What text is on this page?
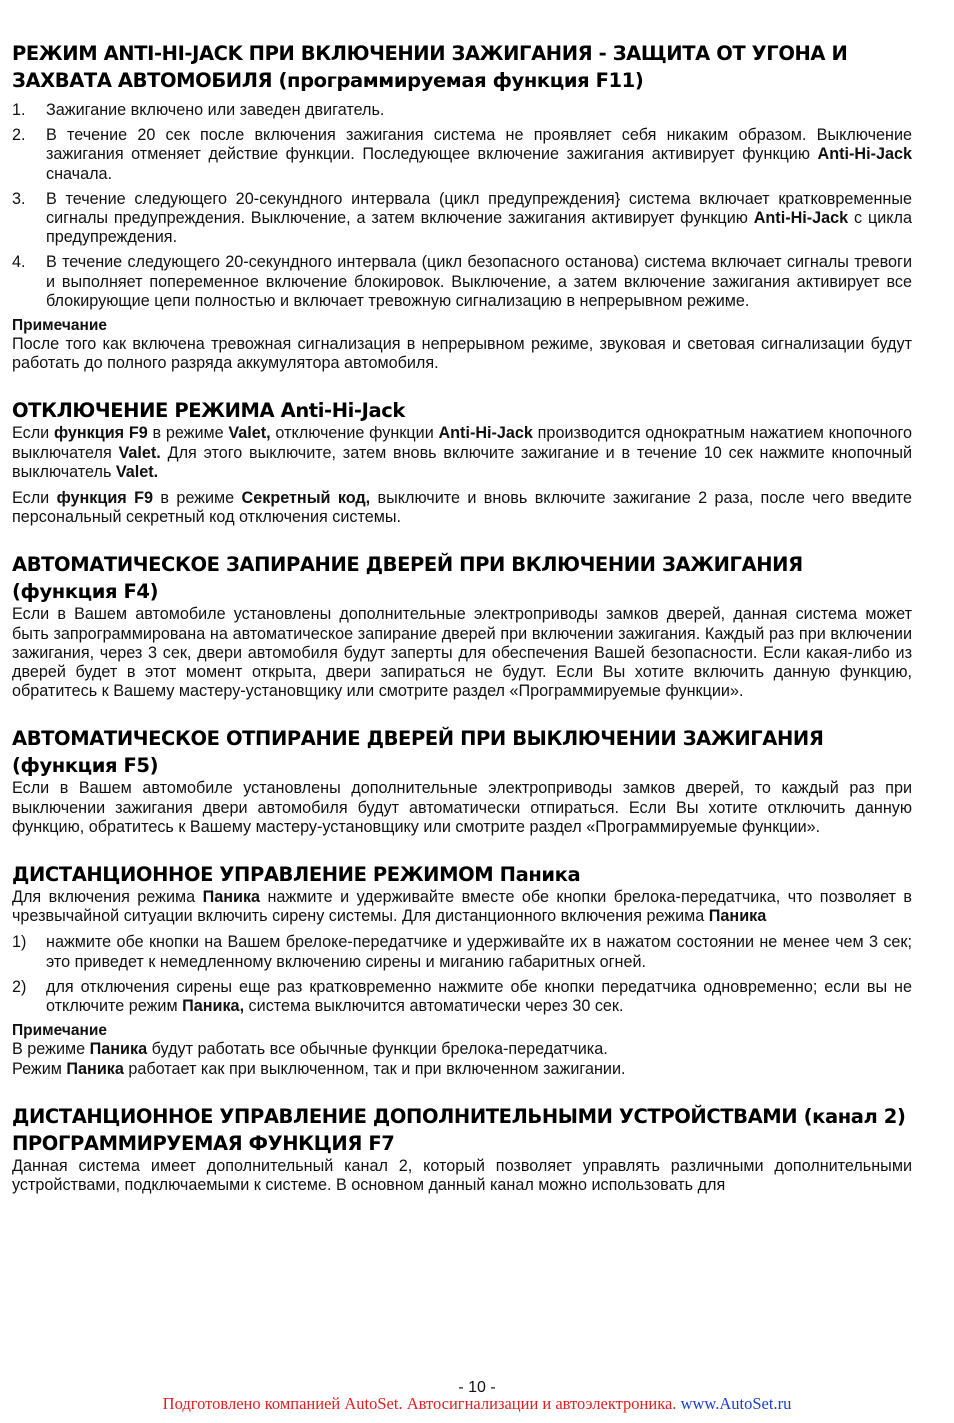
РЕЖИМ ANTI-HI-JACK ПРИ ВКЛЮЧЕНИИ ЗАЖИГАНИЯ - ЗАЩИТА ОТ УГОНА И ЗАХВАТА АВТОМОБИЛЯ (программируемая функция F11)
1. Зажигание включено или заведен двигатель.
2. В течение 20 сек после включения зажигания система не проявляет себя никаким образом. Выключение зажигания отменяет действие функции. Последующее включение зажигания активирует функцию Anti-Hi-Jack сначала.
3. В течение следующего 20-секундного интервала (цикл предупреждения} система включает кратковременные сигналы предупреждения. Выключение, а затем включение зажигания активирует функцию Anti-Hi-Jack с цикла предупреждения.
4. В течение следующего 20-секундного интервала (цикл безопасного останова) система включает сигналы тревоги и выполняет попеременное включение блокировок. Выключение, а затем включение зажигания активирует все блокирующие цепи полностью и включает тревожную сигнализацию в непрерывном режиме.
Примечание

После того как включена тревожная сигнализация в непрерывном режиме, звуковая и световая сигнализации будут работать до полного разряда аккумулятора автомобиля.

ОТКЛЮЧЕНИЕ РЕЖИМА Anti-Hi-Jack

Если функция F9 в режиме Valet, отключение функции Anti-Hi-Jack производится однократным нажатием кнопочного выключателя Valet. Для этого выключите, затем вновь включите зажигание и в течение 10 сек нажмите кнопочный выключатель Valet.

Если функция F9 в режиме Секретный код, выключите и вновь включите зажигание 2 раза, после чего введите персональный секретный код отключения системы.

АВТОМАТИЧЕСКОЕ ЗАПИРАНИЕ ДВЕРЕЙ ПРИ ВКЛЮЧЕНИИ ЗАЖИГАНИЯ (функция F4)

Если в Вашем автомобиле установлены дополнительные электроприводы замков дверей, данная система может быть запрограммирована на автоматическое запирание дверей при включении зажигания. Каждый раз при включении зажигания, через 3 сек, двери автомобиля будут заперты для обеспечения Вашей безопасности. Если какая-либо из дверей будет в этот момент открыта, двери запираться не будут. Если Вы хотите включить данную функцию, обратитесь к Вашему мастеру-установщику или смотрите раздел «Программируемые функции».

АВТОМАТИЧЕСКОЕ ОТПИРАНИЕ ДВЕРЕЙ ПРИ ВЫКЛЮЧЕНИИ ЗАЖИГАНИЯ (функция F5)

Если в Вашем автомобиле установлены дополнительные электроприводы замков дверей, то каждый раз при выключении зажигания двери автомобиля будут автоматически отпираться. Если Вы хотите отключить данную функцию, обратитесь к Вашему мастеру-установщику или смотрите раздел «Программируемые функции».

ДИСТАНЦИОННОЕ УПРАВЛЕНИЕ РЕЖИМОМ Паника

Для включения режима Паника нажмите и удерживайте вместе обе кнопки брелока-передатчика, что позволяет в чрезвычайной ситуации включить сирену системы. Для дистанционного включения режима Паника

1) нажмите обе кнопки на Вашем брелоке-передатчике и удерживайте их в нажатом состоянии не менее чем 3 сек; это приведет к немедленному включению сирены и миганию габаритных огней.
2) для отключения сирены еще раз кратковременно нажмите обе кнопки передатчика одновременно; если вы не отключите режим Паника, система выключится автоматически через 30 сек.
Примечание

В режиме Паника будут работать все обычные функции брелока-передатчика.

Режим Паника работает как при выключенном, так и при включенном зажигании.

ДИСТАНЦИОННОЕ УПРАВЛЕНИЕ ДОПОЛНИТЕЛЬНЫМИ УСТРОЙСТВАМИ (канал 2) ПРОГРАММИРУЕМАЯ ФУНКЦИЯ F7

Данная система имеет дополнительный канал 2, который позволяет управлять различными дополнительными устройствами, подключаемыми к системе. В основном данный канал можно использовать для

- 10 -
Подготовлено компанией AutoSet. Автосигнализации и автоэлектроника. www.AutoSet.ru
